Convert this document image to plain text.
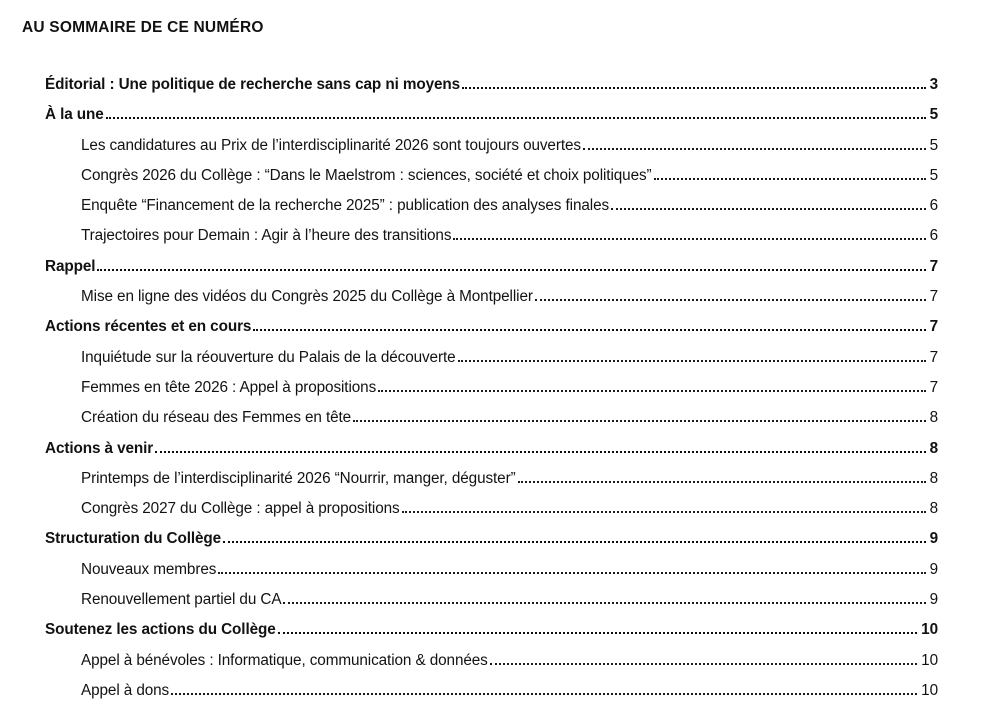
AU SOMMAIRE DE CE NUMÉRO
Éditorial : Une politique de recherche sans cap ni moyens	3
À la une	5
Les candidatures au Prix de l’interdisciplinarité 2026 sont toujours ouvertes	5
Congrès 2026 du Collège : “Dans le Maelstrom : sciences, société et choix politiques”	5
Enquête “Financement de la recherche 2025” : publication des analyses finales	6
Trajectoires pour Demain : Agir à l’heure des transitions	6
Rappel	7
Mise en ligne des vidéos du Congrès 2025 du Collège à Montpellier	7
Actions récentes et en cours	7
Inquiétude sur la réouverture du Palais de la découverte	7
Femmes en tête 2026 : Appel à propositions	7
Création du réseau des Femmes en tête	8
Actions à venir	8
Printemps de l’interdisciplinarité 2026 “Nourrir, manger, déguster”	8
Congrès 2027 du Collège : appel à propositions	8
Structuration du Collège	9
Nouveaux membres	9
Renouvellement partiel du CA	9
Soutenez les actions du Collège	10
Appel à bénévoles : Informatique, communication & données	10
Appel à dons	10
